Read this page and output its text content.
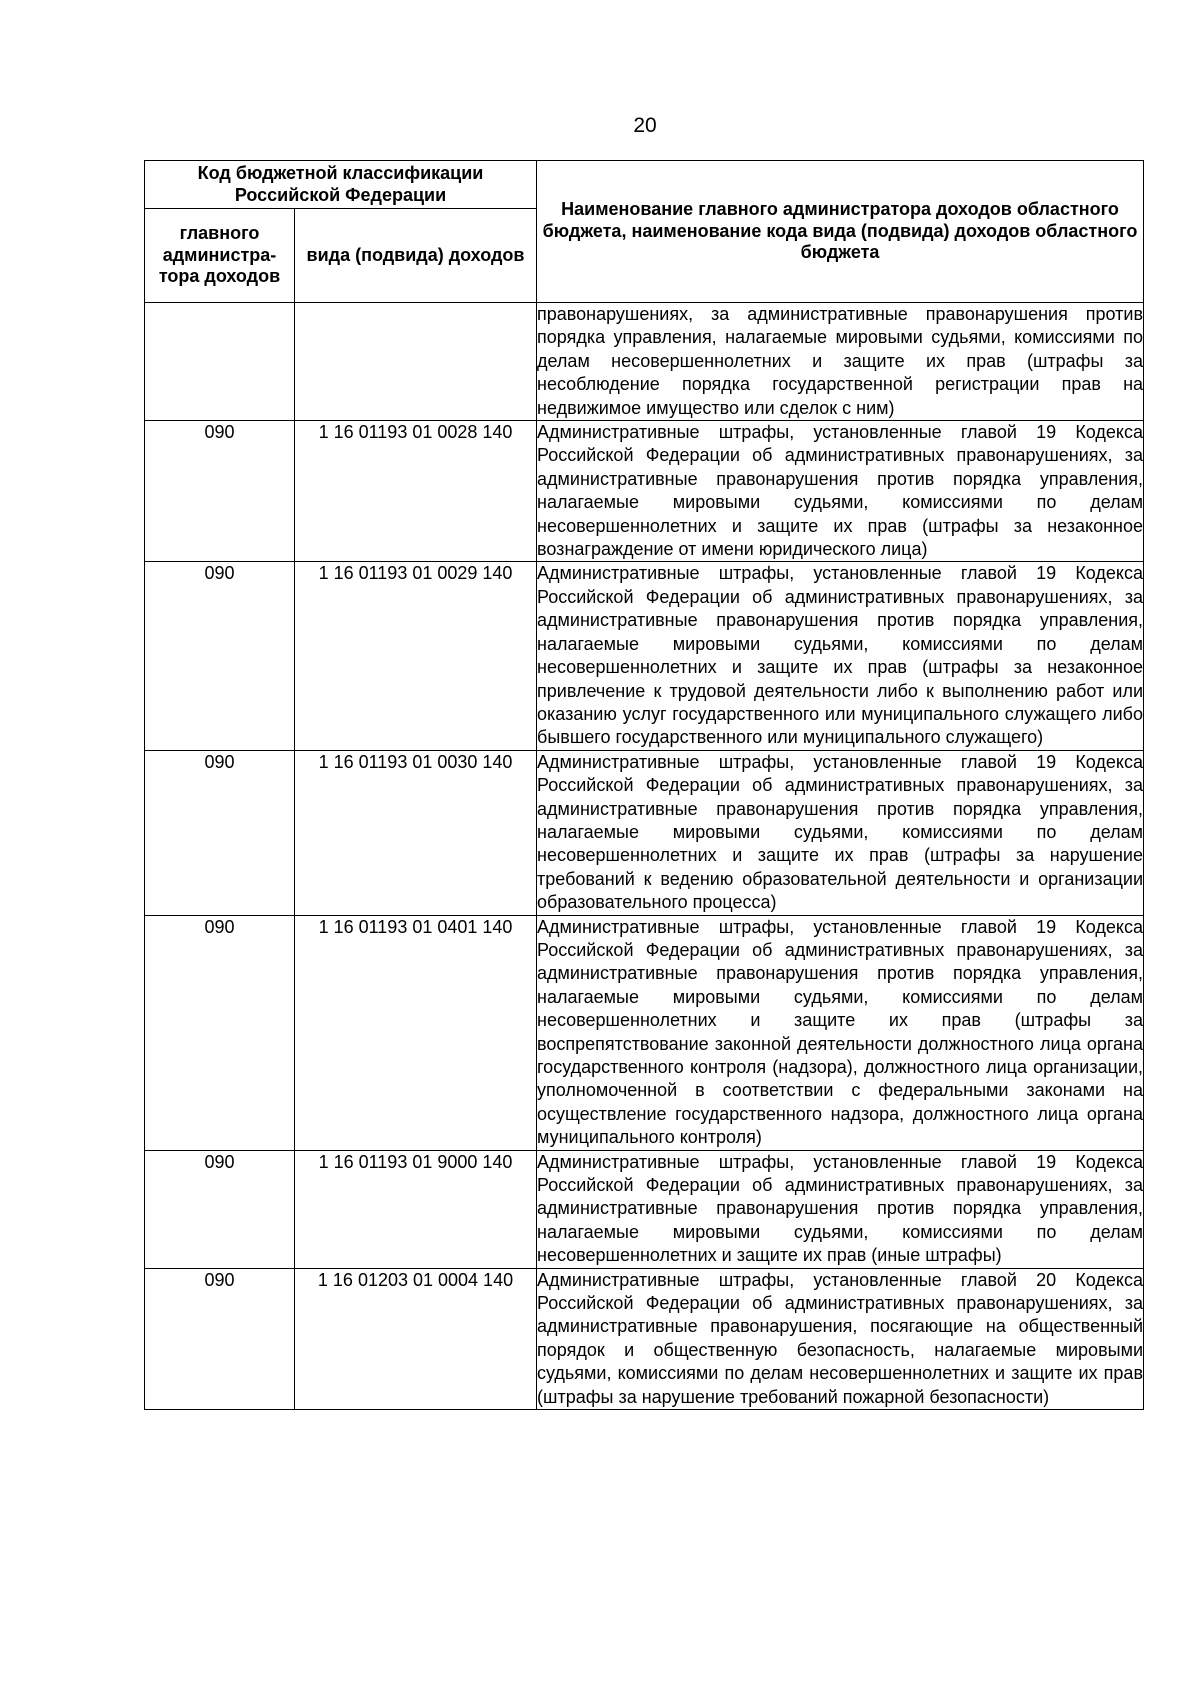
20
Код бюджетной классификации Российской Федерации		Наименование главного администратора доходов областного бюджета, наименование кода вида (подвида) доходов областного бюджета
главного администра-тора доходов	вида (подвида) доходов	
		правонарушениях, за административные правонарушения против порядка управления, налагаемые мировыми судьями, комиссиями по делам несовершеннолетних и защите их прав (штрафы за несоблюдение порядка государственной регистрации прав на недвижимое имущество или сделок с ним)
090	1 16 01193 01 0028 140	Административные штрафы, установленные главой 19 Кодекса Российской Федерации об административных правонарушениях, за административные правонарушения против порядка управления, налагаемые мировыми судьями, комиссиями по делам несовершеннолетних и защите их прав (штрафы за незаконное вознаграждение от имени юридического лица)
090	1 16 01193 01 0029 140	Административные штрафы, установленные главой 19 Кодекса Российской Федерации об административных правонарушениях, за административные правонарушения против порядка управления, налагаемые мировыми судьями, комиссиями по делам несовершеннолетних и защите их прав (штрафы за незаконное привлечение к трудовой деятельности либо к выполнению работ или оказанию услуг государственного или муниципального служащего либо бывшего государственного или муниципального служащего)
090	1 16 01193 01 0030 140	Административные штрафы, установленные главой 19 Кодекса Российской Федерации об административных правонарушениях, за административные правонарушения против порядка управления, налагаемые мировыми судьями, комиссиями по делам несовершеннолетних и защите их прав (штрафы за нарушение требований к ведению образовательной деятельности и организации образовательного процесса)
090	1 16 01193 01 0401 140	Административные штрафы, установленные главой 19 Кодекса Российской Федерации об административных правонарушениях, за административные правонарушения против порядка управления, налагаемые мировыми судьями, комиссиями по делам несовершеннолетних и защите их прав (штрафы за воспрепятствование законной деятельности должностного лица органа государственного контроля (надзора), должностного лица организации, уполномоченной в соответствии с федеральными законами на осуществление государственного надзора, должностного лица органа муниципального контроля)
090	1 16 01193 01 9000 140	Административные штрафы, установленные главой 19 Кодекса Российской Федерации об административных правонарушениях, за административные правонарушения против порядка управления, налагаемые мировыми судьями, комиссиями по делам несовершеннолетних и защите их прав (иные штрафы)
090	1 16 01203 01 0004 140	Административные штрафы, установленные главой 20 Кодекса Российской Федерации об административных правонарушениях, за административные правонарушения, посягающие на общественный порядок и общественную безопасность, налагаемые мировыми судьями, комиссиями по делам несовершеннолетних и защите их прав (штрафы за нарушение требований пожарной безопасности)
